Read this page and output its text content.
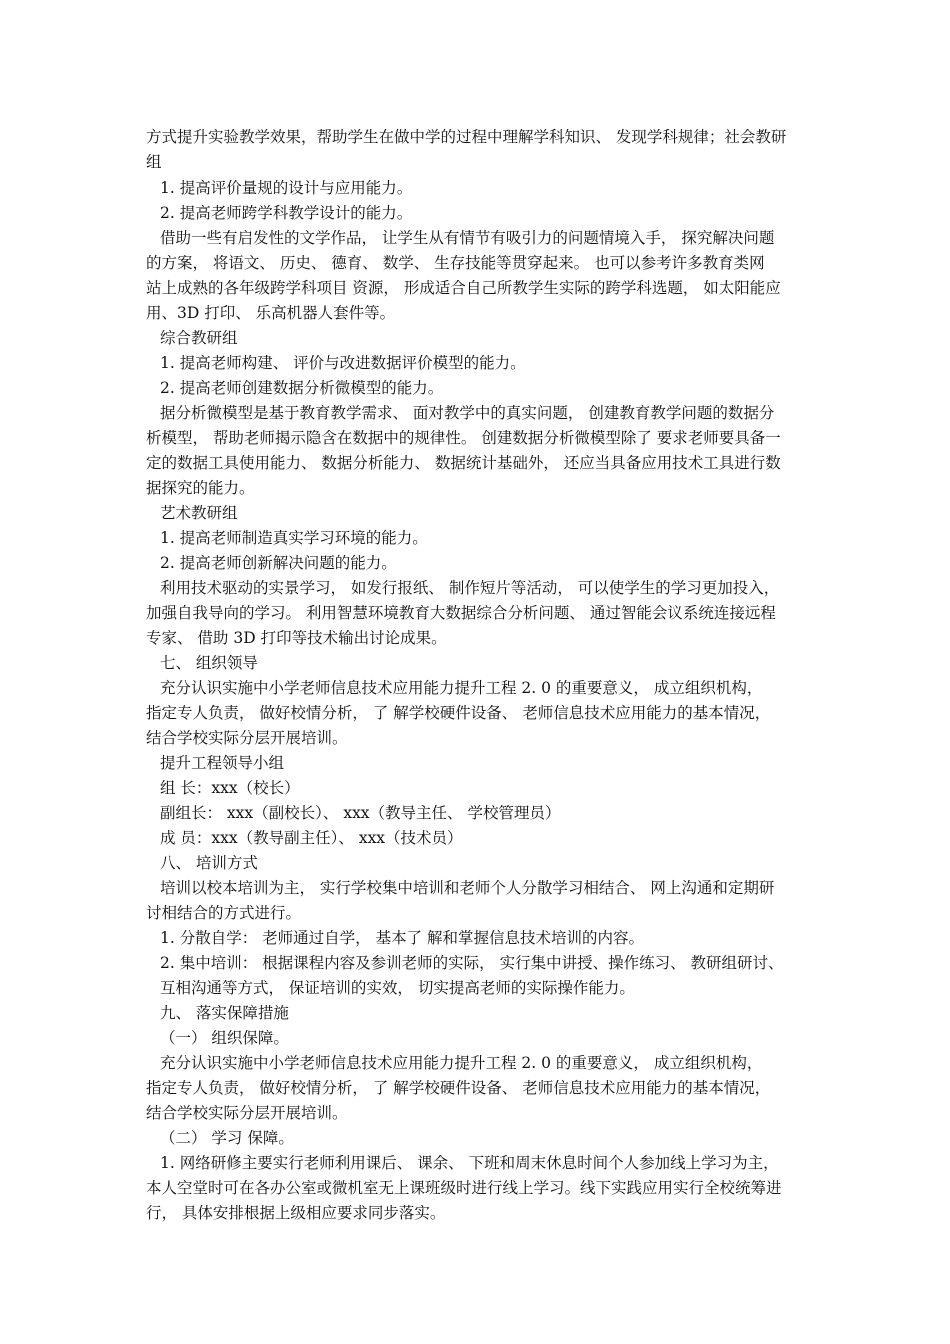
方式提升实验教学效果，帮助学生在做中学的过程中理解学科知识、 发现学科规律；社会教研
组
1. 提高评价量规的设计与应用能力。
2. 提高老师跨学科教学设计的能力。
借助一些有启发性的文学作品， 让学生从有情节有吸引力的问题情境入手， 探究解决问题
的方案， 将语文、 历史、 德育、 数学、 生存技能等贯穿起来。 也可以参考许多教育类网
站上成熟的各年级跨学科项目 资源， 形成适合自己所教学生实际的跨学科选题， 如太阳能应
用、3D 打印、 乐高机器人套件等。
综合教研组
1. 提高老师构建、 评价与改进数据评价模型的能力。
2. 提高老师创建数据分析微模型的能力。
据分析微模型是基于教育教学需求、 面对教学中的真实问题， 创建教育教学问题的数据分
析模型， 帮助老师揭示隐含在数据中的规律性。 创建数据分析微模型除了 要求老师要具备一
定的数据工具使用能力、 数据分析能力、 数据统计基础外， 还应当具备应用技术工具进行数
据探究的能力。
艺术教研组
1. 提高老师制造真实学习环境的能力。
2. 提高老师创新解决问题的能力。
利用技术驱动的实景学习， 如发行报纸、 制作短片等活动， 可以使学生的学习更加投入，
加强自我导向的学习。 利用智慧环境教育大数据综合分析问题、 通过智能会议系统连接远程
专家、 借助 3D 打印等技术输出讨论成果。
七、 组织领导
充分认识实施中小学老师信息技术应用能力提升工程 2. 0 的重要意义， 成立组织机构，
指定专人负责， 做好校情分析， 了 解学校硬件设备、 老师信息技术应用能力的基本情况，
结合学校实际分层开展培训。
提升工程领导小组
组 长：xxx（校长）
副组长： xxx（副校长）、 xxx（教导主任、 学校管理员）
成 员：xxx（教导副主任）、 xxx（技术员）
八、 培训方式
培训以校本培训为主， 实行学校集中培训和老师个人分散学习相结合、 网上沟通和定期研
讨相结合的方式进行。
1. 分散自学： 老师通过自学， 基本了 解和掌握信息技术培训的内容。
2. 集中培训： 根据课程内容及参训老师的实际， 实行集中讲授、操作练习、 教研组研讨、
互相沟通等方式， 保证培训的实效， 切实提高老师的实际操作能力。
九、 落实保障措施
（一） 组织保障。
充分认识实施中小学老师信息技术应用能力提升工程 2. 0 的重要意义， 成立组织机构，
指定专人负责， 做好校情分析， 了 解学校硬件设备、 老师信息技术应用能力的基本情况，
结合学校实际分层开展培训。
（二） 学习 保障。
1. 网络研修主要实行老师利用课后、 课余、 下班和周末休息时间个人参加线上学习为主，
本人空堂时可在各办公室或微机室无上课班级时进行线上学习。线下实践应用实行全校统筹进
行， 具体安排根据上级相应要求同步落实。
